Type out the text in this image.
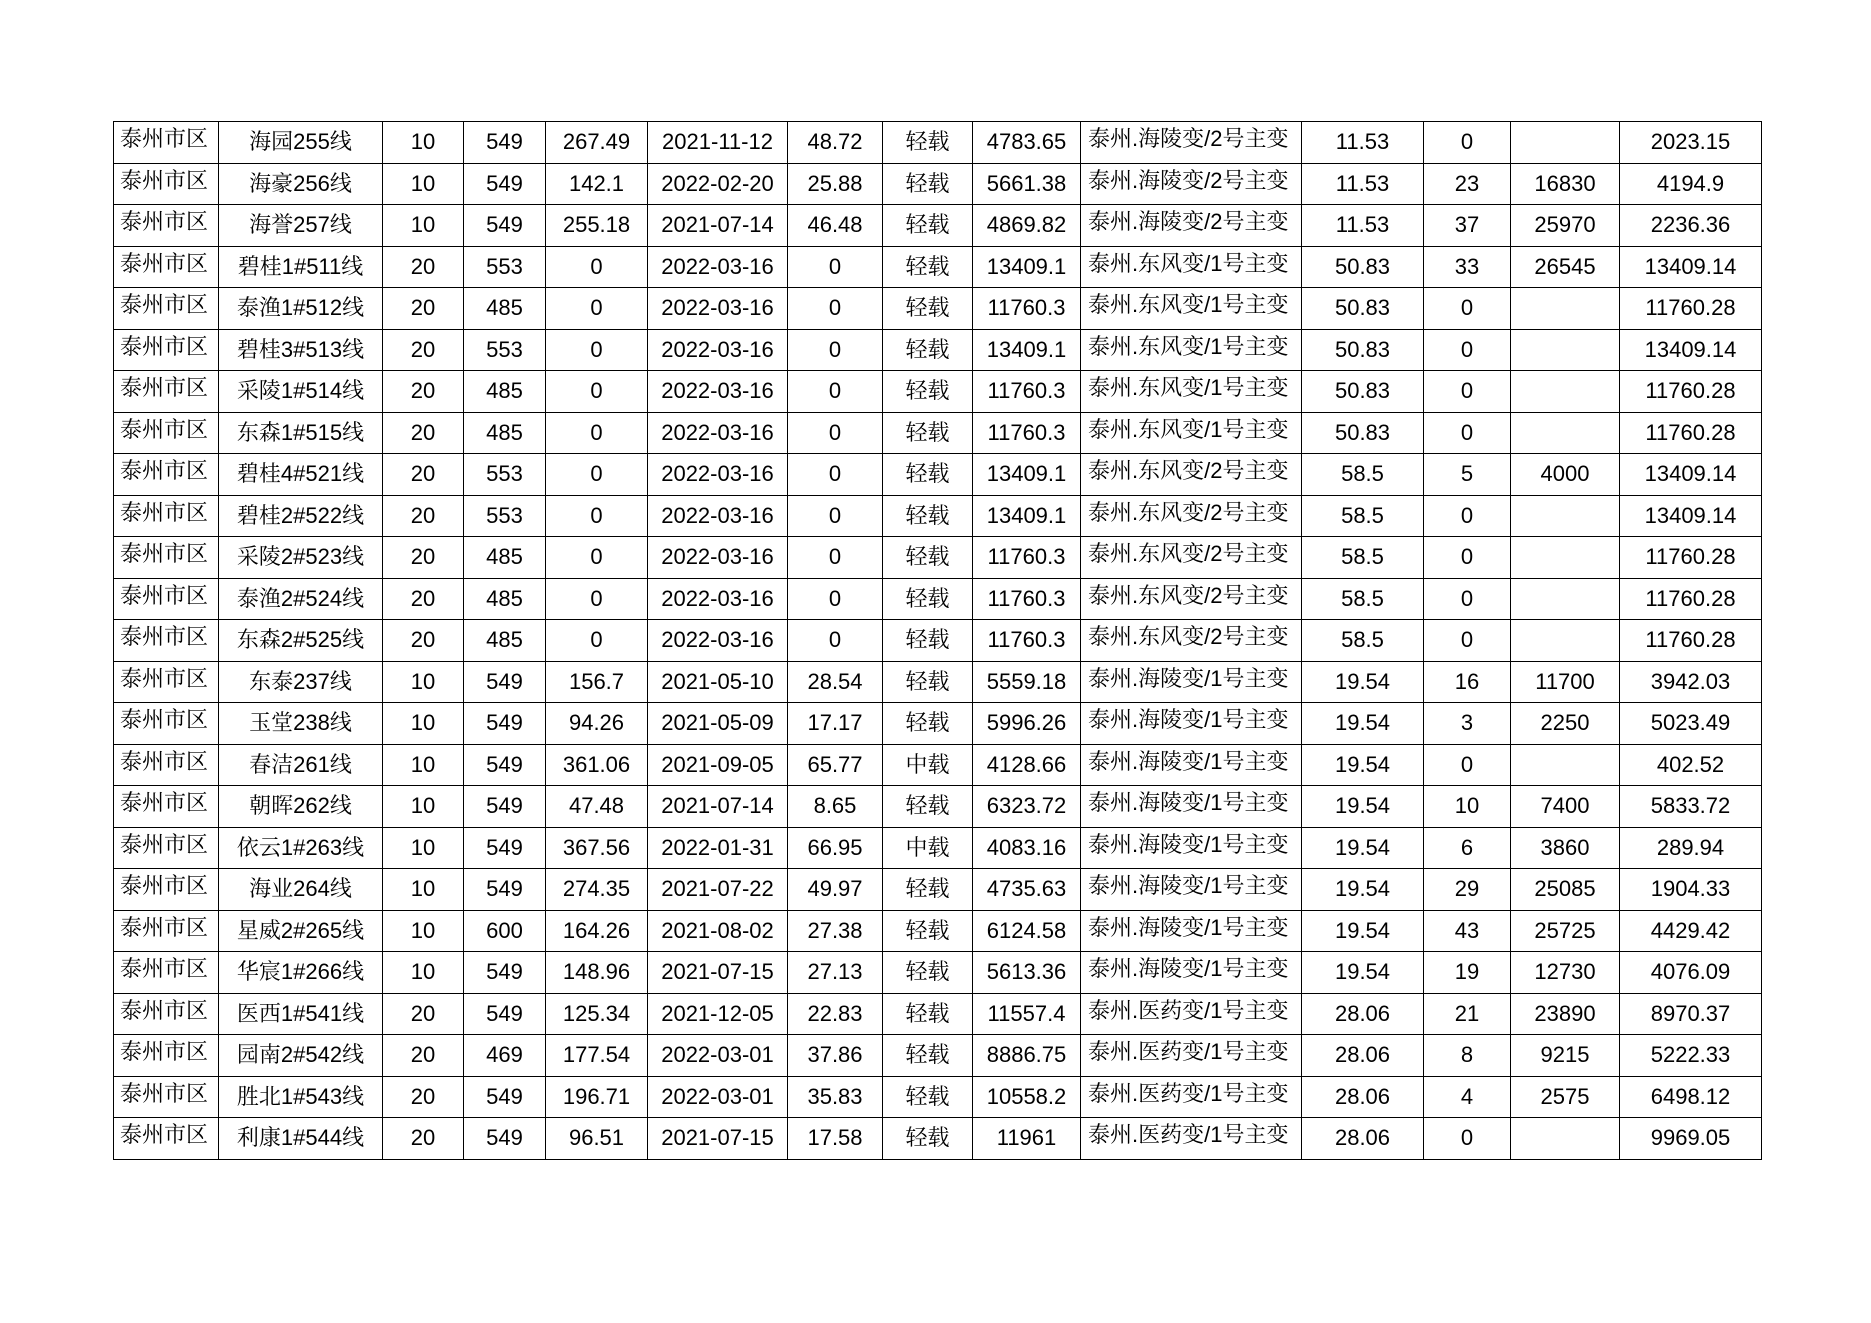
泰州市区	海园255线	10	549	267.49	2021-11-12	48.72	轻载	4783.65	泰州.海陵变/2号主变	11.53	0		2023.15
泰州市区	海豪256线	10	549	142.1	2022-02-20	25.88	轻载	5661.38	泰州.海陵变/2号主变	11.53	23	16830	4194.9
泰州市区	海誉257线	10	549	255.18	2021-07-14	46.48	轻载	4869.82	泰州.海陵变/2号主变	11.53	37	25970	2236.36
泰州市区	碧桂1#511线	20	553	0	2022-03-16	0	轻载	13409.1	泰州.东风变/1号主变	50.83	33	26545	13409.14
泰州市区	泰渔1#512线	20	485	0	2022-03-16	0	轻载	11760.3	泰州.东风变/1号主变	50.83	0		11760.28
泰州市区	碧桂3#513线	20	553	0	2022-03-16	0	轻载	13409.1	泰州.东风变/1号主变	50.83	0		13409.14
泰州市区	采陵1#514线	20	485	0	2022-03-16	0	轻载	11760.3	泰州.东风变/1号主变	50.83	0		11760.28
泰州市区	东森1#515线	20	485	0	2022-03-16	0	轻载	11760.3	泰州.东风变/1号主变	50.83	0		11760.28
泰州市区	碧桂4#521线	20	553	0	2022-03-16	0	轻载	13409.1	泰州.东风变/2号主变	58.5	5	4000	13409.14
泰州市区	碧桂2#522线	20	553	0	2022-03-16	0	轻载	13409.1	泰州.东风变/2号主变	58.5	0		13409.14
泰州市区	采陵2#523线	20	485	0	2022-03-16	0	轻载	11760.3	泰州.东风变/2号主变	58.5	0		11760.28
泰州市区	泰渔2#524线	20	485	0	2022-03-16	0	轻载	11760.3	泰州.东风变/2号主变	58.5	0		11760.28
泰州市区	东森2#525线	20	485	0	2022-03-16	0	轻载	11760.3	泰州.东风变/2号主变	58.5	0		11760.28
泰州市区	东泰237线	10	549	156.7	2021-05-10	28.54	轻载	5559.18	泰州.海陵变/1号主变	19.54	16	11700	3942.03
泰州市区	玉堂238线	10	549	94.26	2021-05-09	17.17	轻载	5996.26	泰州.海陵变/1号主变	19.54	3	2250	5023.49
泰州市区	春洁261线	10	549	361.06	2021-09-05	65.77	中载	4128.66	泰州.海陵变/1号主变	19.54	0		402.52
泰州市区	朝晖262线	10	549	47.48	2021-07-14	8.65	轻载	6323.72	泰州.海陵变/1号主变	19.54	10	7400	5833.72
泰州市区	依云1#263线	10	549	367.56	2022-01-31	66.95	中载	4083.16	泰州.海陵变/1号主变	19.54	6	3860	289.94
泰州市区	海业264线	10	549	274.35	2021-07-22	49.97	轻载	4735.63	泰州.海陵变/1号主变	19.54	29	25085	1904.33
泰州市区	星威2#265线	10	600	164.26	2021-08-02	27.38	轻载	6124.58	泰州.海陵变/1号主变	19.54	43	25725	4429.42
泰州市区	华宸1#266线	10	549	148.96	2021-07-15	27.13	轻载	5613.36	泰州.海陵变/1号主变	19.54	19	12730	4076.09
泰州市区	医西1#541线	20	549	125.34	2021-12-05	22.83	轻载	11557.4	泰州.医药变/1号主变	28.06	21	23890	8970.37
泰州市区	园南2#542线	20	469	177.54	2022-03-01	37.86	轻载	8886.75	泰州.医药变/1号主变	28.06	8	9215	5222.33
泰州市区	胜北1#543线	20	549	196.71	2022-03-01	35.83	轻载	10558.2	泰州.医药变/1号主变	28.06	4	2575	6498.12
泰州市区	利康1#544线	20	549	96.51	2021-07-15	17.58	轻载	11961	泰州.医药变/1号主变	28.06	0		9969.05
